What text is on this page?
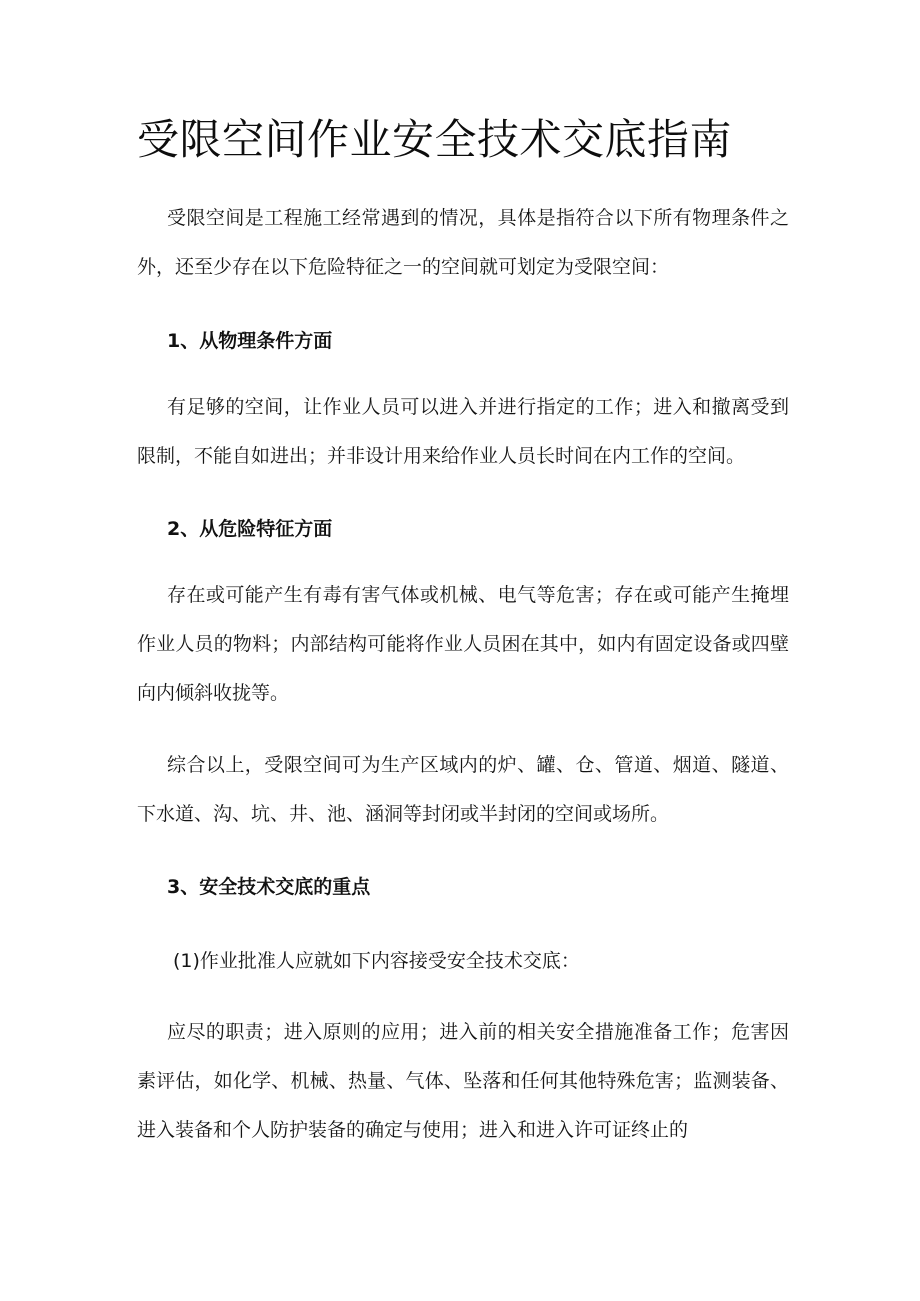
受限空间作业安全技术交底指南

受限空间是工程施工经常遇到的情况，具体是指符合以下所有物理条件之外，还至少存在以下危险特征之一的空间就可划定为受限空间：

1、从物理条件方面

有足够的空间，让作业人员可以进入并进行指定的工作；进入和撤离受到限制，不能自如进出；并非设计用来给作业人员长时间在内工作的空间。

2、从危险特征方面

存在或可能产生有毒有害气体或机械、电气等危害；存在或可能产生掩埋作业人员的物料；内部结构可能将作业人员困在其中，如内有固定设备或四壁向内倾斜收拢等。

综合以上，受限空间可为生产区域内的炉、罐、仓、管道、烟道、隧道、下水道、沟、坑、井、池、涵洞等封闭或半封闭的空间或场所。

3、安全技术交底的重点

(1)作业批准人应就如下内容接受安全技术交底：

应尽的职责；进入原则的应用；进入前的相关安全措施准备工作；危害因素评估，如化学、机械、热量、气体、坠落和任何其他特殊危害；监测装备、进入装备和个人防护装备的确定与使用；进入和进入许可证终止的
